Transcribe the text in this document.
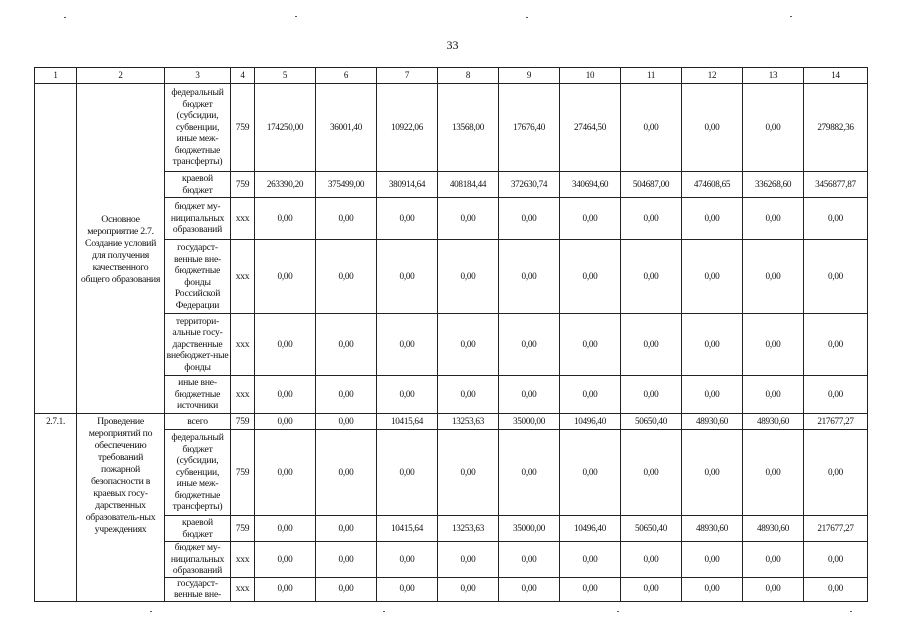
33
1	2	3	4	5	6	7	8	9	10	11	12	13	14
	Основное мероприятие 2.7. Создание условий для получения качественного общего образования	федеральный бюджет (субсидии, субвенции, иные меж-бюджетные трансферты)	759	174250,00	36001,40	10922,06	13568,00	17676,40	27464,50	0,00	0,00	0,00	279882,36
		краевой бюджет	759	263390,20	375499,00	380914,64	408184,44	372630,74	340694,60	504687,00	474608,65	336268,60	3456877,87
		бюджет му-ниципальных образований	xxx	0,00	0,00	0,00	0,00	0,00	0,00	0,00	0,00	0,00	0,00
		государст-венные вне-бюджетные фонды Российской Федерации	xxx	0,00	0,00	0,00	0,00	0,00	0,00	0,00	0,00	0,00	0,00
		территори-альные госу-дарственные внебюджет-ные фонды	xxx	0,00	0,00	0,00	0,00	0,00	0,00	0,00	0,00	0,00	0,00
		иные вне-бюджетные источники	xxx	0,00	0,00	0,00	0,00	0,00	0,00	0,00	0,00	0,00	0,00
2.7.1.	Проведение мероприятий по обеспечению требований пожарной безопасности в краевых госу-дарственных образователь-ных учреждениях	всего	759	0,00	0,00	10415,64	13253,63	35000,00	10496,40	50650,40	48930,60	48930,60	217677,27
		федеральный бюджет (субсидии, субвенции, иные меж-бюджетные трансферты)	759	0,00	0,00	0,00	0,00	0,00	0,00	0,00	0,00	0,00	0,00
		краевой бюджет	759	0,00	0,00	10415,64	13253,63	35000,00	10496,40	50650,40	48930,60	48930,60	217677,27
		бюджет му-ниципальных образований	xxx	0,00	0,00	0,00	0,00	0,00	0,00	0,00	0,00	0,00	0,00
		государст-венные вне-	xxx	0,00	0,00	0,00	0,00	0,00	0,00	0,00	0,00	0,00	0,00
